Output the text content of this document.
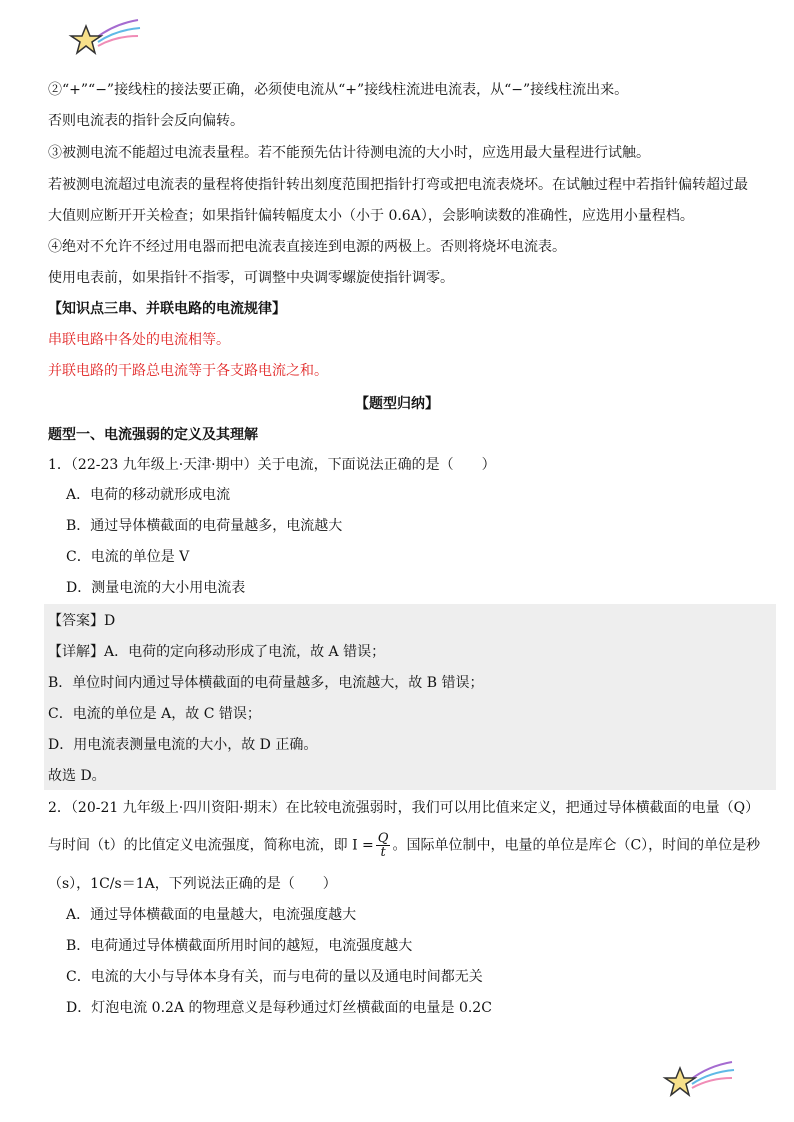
②“+”“−”接线柱的接法要正确，必须使电流从“+”接线柱流进电流表，从“−”接线柱流出来。
否则电流表的指针会反向偏转。
③被测电流不能超过电流表量程。若不能预先估计待测电流的大小时，应选用最大量程进行试触。
若被测电流超过电流表的量程将使指针转出刻度范围把指针打弯或把电流表烧坏。在试触过程中若指针偏转超过最
大值则应断开开关检查；如果指针偏转幅度太小（小于 0.6A），会影响读数的准确性，应选用小量程档。
④绝对不允许不经过用电器而把电流表直接连到电源的两极上。否则将烧坏电流表。
使用电表前，如果指针不指零，可调整中央调零螺旋使指针调零。
【知识点三串、并联电路的电流规律】
串联电路中各处的电流相等。
并联电路的干路总电流等于各支路电流之和。
【题型归纳】
题型一、电流强弱的定义及其理解
1．（22-23 九年级上·天津·期中）关于电流，下面说法正确的是（　　）
A．电荷的移动就形成电流
B．通过导体横截面的电荷量越多，电流越大
C．电流的单位是 V
D．测量电流的大小用电流表
【答案】D
【详解】A．电荷的定向移动形成了电流，故 A 错误；
B．单位时间内通过导体横截面的电荷量越多，电流越大，故 B 错误；
C．电流的单位是 A，故 C 错误；
D．用电流表测量电流的大小，故 D 正确。
故选 D。
2．（20-21 九年级上·四川资阳·期末）在比较电流强弱时，我们可以用比值来定义，把通过导体横截面的电量（Q）
与时间（t）的比值定义电流强度，简称电流，即 $I = \frac{Q}{t}$ 。国际单位制中，电量的单位是库仑（C），时间的单位是秒
（s），1C/s＝1A，下列说法正确的是（　　）
A．通过导体横截面的电量越大，电流强度越大
B．电荷通过导体横截面所用时间的越短，电流强度越大
C．电流的大小与导体本身有关，而与电荷的量以及通电时间都无关
D．灯泡电流 0.2A 的物理意义是每秒通过灯丝横截面的电量是 0.2C
